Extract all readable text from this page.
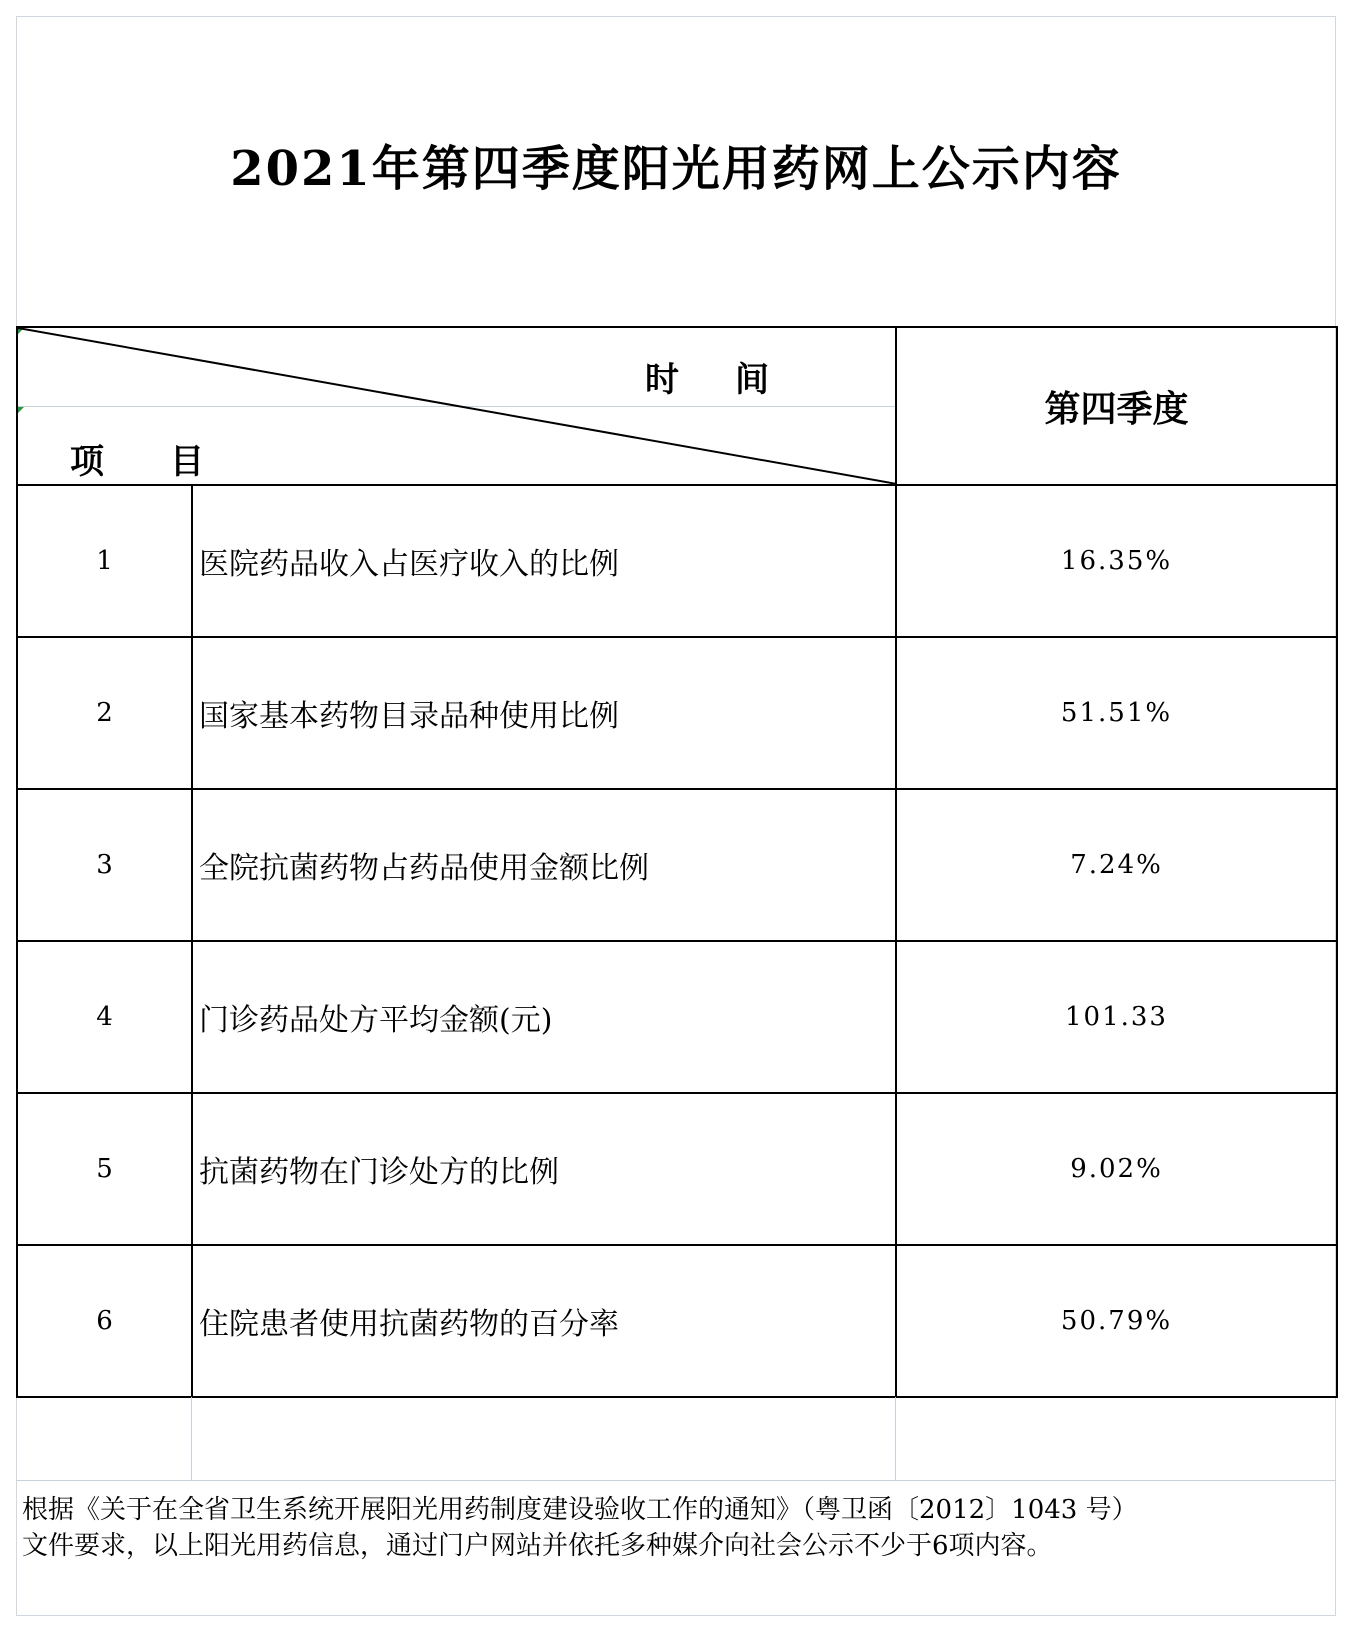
2021年第四季度阳光用药网上公示内容
时间
项目		第四季度
1	医院药品收入占医疗收入的比例	16.35%
2	国家基本药物目录品种使用比例	51.51%
3	全院抗菌药物占药品使用金额比例	7.24%
4	门诊药品处方平均金额(元)	101.33
5	抗菌药物在门诊处方的比例	9.02%
6	住院患者使用抗菌药物的百分率	50.79%
根据《关于在全省卫生系统开展阳光用药制度建设验收工作的通知》（粤卫函〔2012〕1043 号）
文件要求，以上阳光用药信息，通过门户网站并依托多种媒介向社会公示不少于6项内容。
